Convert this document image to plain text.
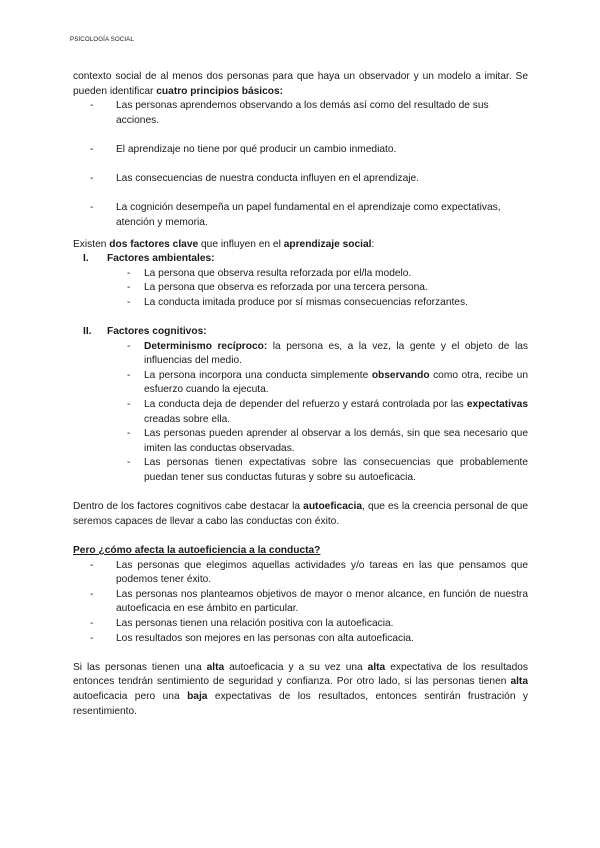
PSICOLOGÍA SOCIAL

contexto social de al menos dos personas para que haya un observador y un modelo a imitar. Se pueden identificar cuatro principios básicos:

- Las personas aprendemos observando a los demás así como del resultado de sus acciones.
- El aprendizaje no tiene por qué producir un cambio inmediato.
- Las consecuencias de nuestra conducta influyen en el aprendizaje.
- La cognición desempeña un papel fundamental en el aprendizaje como expectativas, atención y memoria.

Existen dos factores clave que influyen en el aprendizaje social:

I. Factores ambientales:
- La persona que observa resulta reforzada por el/la modelo.
- La persona que observa es reforzada por una tercera persona.
- La conducta imitada produce por sí mismas consecuencias reforzantes.
II. Factores cognitivos:
- Determinismo recíproco: la persona es, a la vez, la gente y el objeto de las influencias del medio.
- La persona incorpora una conducta simplemente observando como otra, recibe un esfuerzo cuando la ejecuta.
- La conducta deja de depender del refuerzo y estará controlada por las expectativas creadas sobre ella.
- Las personas pueden aprender al observar a los demás, sin que sea necesario que imiten las conductas observadas.
- Las personas tienen expectativas sobre las consecuencias que probablemente puedan tener sus conductas futuras y sobre su autoeficacia.

Dentro de los factores cognitivos cabe destacar la autoeficacia, que es la creencia personal de que seremos capaces de llevar a cabo las conductas con éxito.

Pero ¿cómo afecta la autoeficiencia a la conducta?

- Las personas que elegimos aquellas actividades y/o tareas en las que pensamos que podemos tener éxito.
- Las personas nos planteamos objetivos de mayor o menor alcance, en función de nuestra autoeficacia en ese ámbito en particular.
- Las personas tienen una relación positiva con la autoeficacia.
- Los resultados son mejores en las personas con alta autoeficacia.

Si las personas tienen una alta autoeficacia y a su vez una alta expectativa de los resultados entonces tendrán sentimiento de seguridad y confianza. Por otro lado, si las personas tienen alta autoeficacia pero una baja expectativas de los resultados, entonces sentirán frustración y resentimiento.
